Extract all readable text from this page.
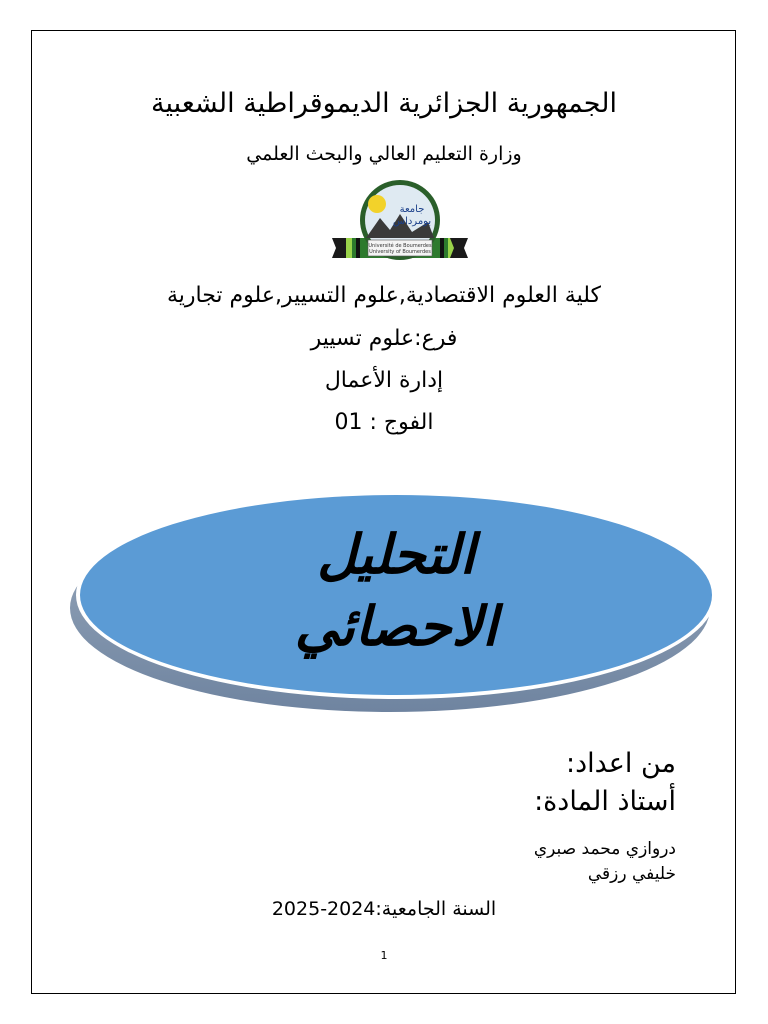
الجمهورية الجزائرية الديموقراطية الشعبية
وزارة التعليم العالي والبحث العلمي
جامعة
بومرداس
Université de Boumerdes
University of Boumerdes
كلية العلوم الاقتصادية,علوم التسيير,علوم تجارية
فرع:علوم تسيير
إدارة الأعمال
الفوج : 01
التحليل
الاحصائي
من اعداد:
أستاذ المادة:
دروازي محمد صبري
خليفي رزقي
السنة الجامعية:2024-2025
1
